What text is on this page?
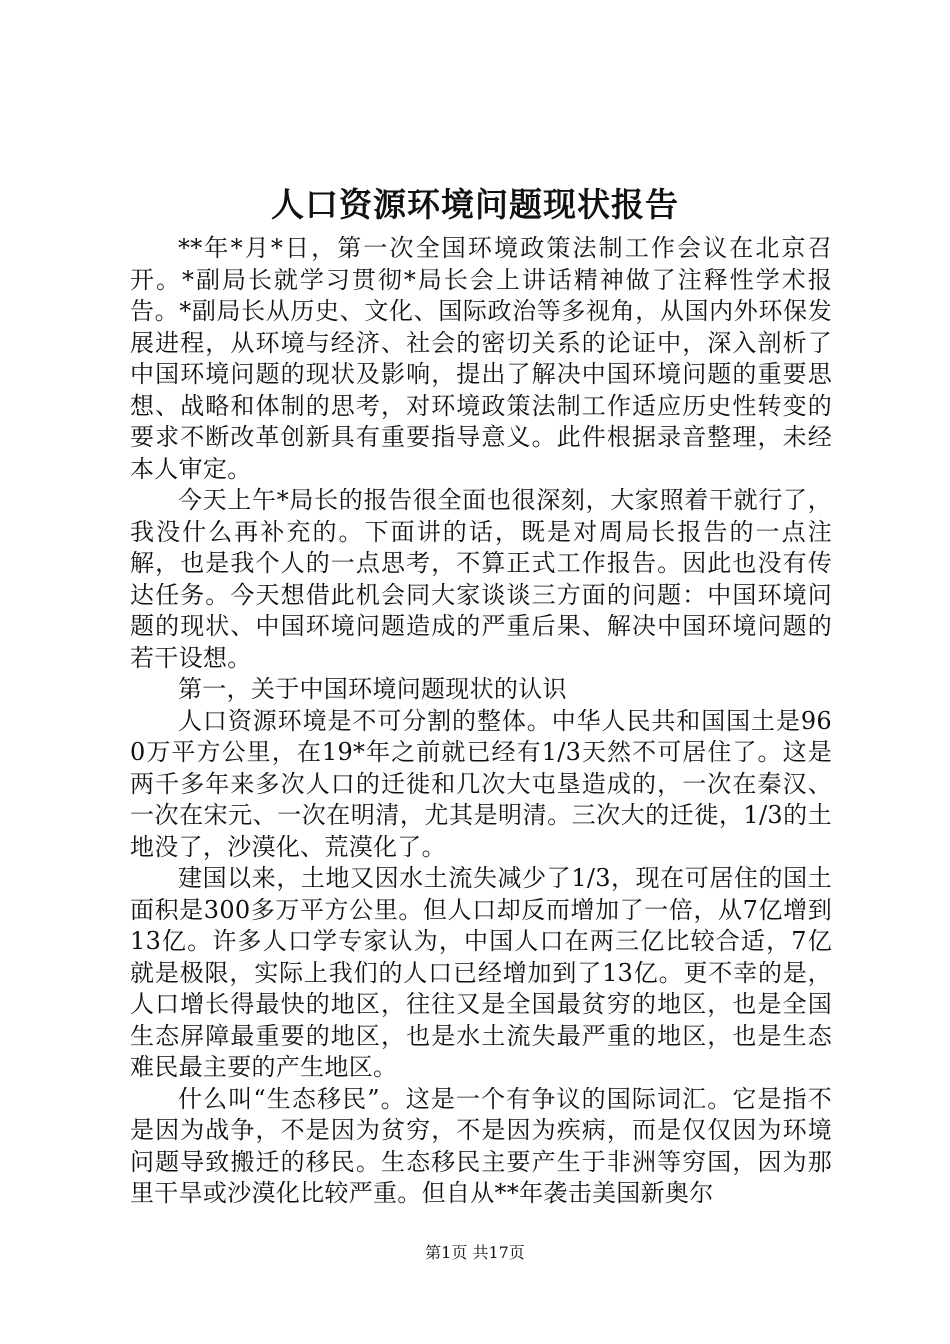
人口资源环境问题现状报告

**年*月*日，第一次全国环境政策法制工作会议在北京召开。*副局长就学习贯彻*局长会上讲话精神做了注释性学术报告。*副局长从历史、文化、国际政治等多视角，从国内外环保发展进程，从环境与经济、社会的密切关系的论证中，深入剖析了中国环境问题的现状及影响，提出了解决中国环境问题的重要思想、战略和体制的思考，对环境政策法制工作适应历史性转变的要求不断改革创新具有重要指导意义。此件根据录音整理，未经本人审定。

今天上午*局长的报告很全面也很深刻，大家照着干就行了，我没什么再补充的。下面讲的话，既是对周局长报告的一点注解，也是我个人的一点思考，不算正式工作报告。因此也没有传达任务。今天想借此机会同大家谈谈三方面的问题：中国环境问题的现状、中国环境问题造成的严重后果、解决中国环境问题的若干设想。

第一，关于中国环境问题现状的认识

人口资源环境是不可分割的整体。中华人民共和国国土是960万平方公里，在19*年之前就已经有1/3天然不可居住了。这是两千多年来多次人口的迁徙和几次大屯垦造成的，一次在秦汉、一次在宋元、一次在明清，尤其是明清。三次大的迁徙，1/3的土地没了，沙漠化、荒漠化了。

建国以来，土地又因水土流失减少了1/3，现在可居住的国土面积是300多万平方公里。但人口却反而增加了一倍，从7亿增到13亿。许多人口学专家认为，中国人口在两三亿比较合适，7亿就是极限，实际上我们的人口已经增加到了13亿。更不幸的是，人口增长得最快的地区，往往又是全国最贫穷的地区，也是全国生态屏障最重要的地区，也是水土流失最严重的地区，也是生态难民最主要的产生地区。

什么叫“生态移民”。这是一个有争议的国际词汇。它是指不是因为战争，不是因为贫穷，不是因为疾病，而是仅仅因为环境问题导致搬迁的移民。生态移民主要产生于非洲等穷国，因为那里干旱或沙漠化比较严重。但自从**年袭击美国新奥尔

第1页 共17页
